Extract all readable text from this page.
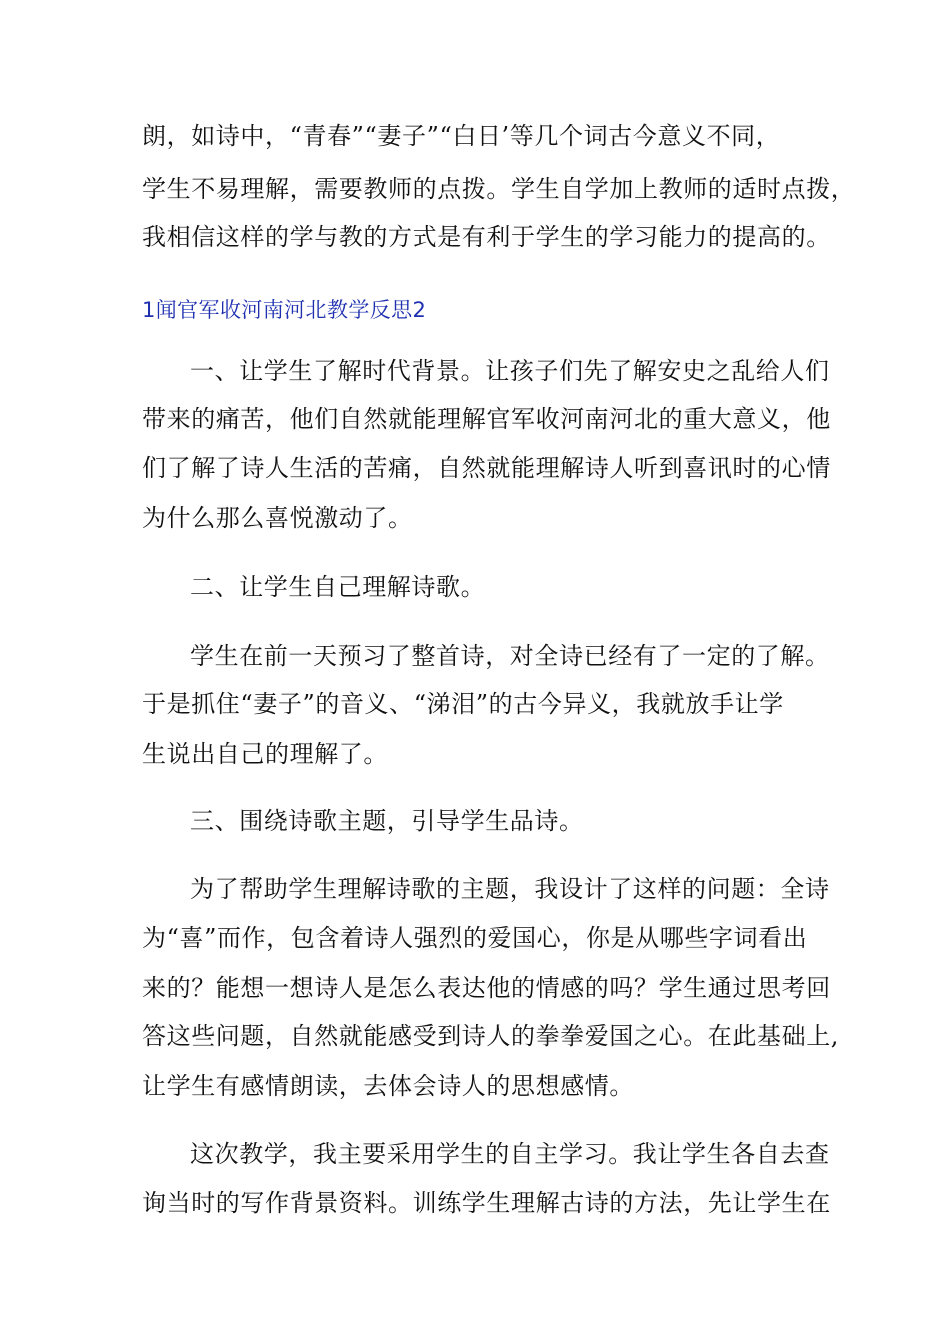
朗，如诗中，“青春”“妻子”“白日’等几个词古今意义不同，
学生不易理解，需要教师的点拨。学生自学加上教师的适时点拨，
我相信这样的学与教的方式是有利于学生的学习能力的提高的。
1闻官军收河南河北教学反思2
一、让学生了解时代背景。让孩子们先了解安史之乱给人们
带来的痛苦，他们自然就能理解官军收河南河北的重大意义，他
们了解了诗人生活的苦痛，自然就能理解诗人听到喜讯时的心情
为什么那么喜悦激动了。
二、让学生自己理解诗歌。
学生在前一天预习了整首诗，对全诗已经有了一定的了解。
于是抓住“妻子”的音义、“涕泪”的古今异义，我就放手让学
生说出自己的理解了。
三、围绕诗歌主题，引导学生品诗。
为了帮助学生理解诗歌的主题，我设计了这样的问题：全诗
为“喜”而作，包含着诗人强烈的爱国心，你是从哪些字词看出
来的？能想一想诗人是怎么表达他的情感的吗？学生通过思考回
答这些问题，自然就能感受到诗人的拳拳爱国之心。在此基础上,
让学生有感情朗读，去体会诗人的思想感情。
这次教学，我主要采用学生的自主学习。我让学生各自去查
询当时的写作背景资料。训练学生理解古诗的方法，先让学生在
